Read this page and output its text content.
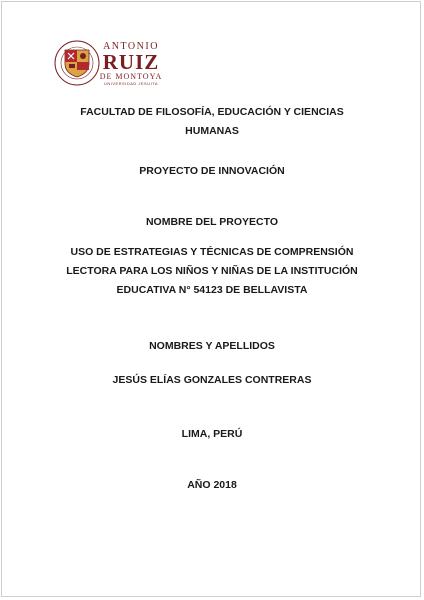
ANTONIO
RUIZ
DE MONTOYA
UNIVERSIDAD JESUITA
FACULTAD DE FILOSOFÍA, EDUCACIÓN Y CIENCIAS HUMANAS
PROYECTO DE INNOVACIÓN
NOMBRE DEL PROYECTO
USO DE ESTRATEGIAS Y TÉCNICAS DE COMPRENSIÓN LECTORA PARA LOS NIÑOS Y NIÑAS DE LA INSTITUCIÓN EDUCATIVA N° 54123 DE BELLAVISTA
NOMBRES Y APELLIDOS
JESÚS ELÍAS GONZALES CONTRERAS
LIMA, PERÚ
AÑO 2018
